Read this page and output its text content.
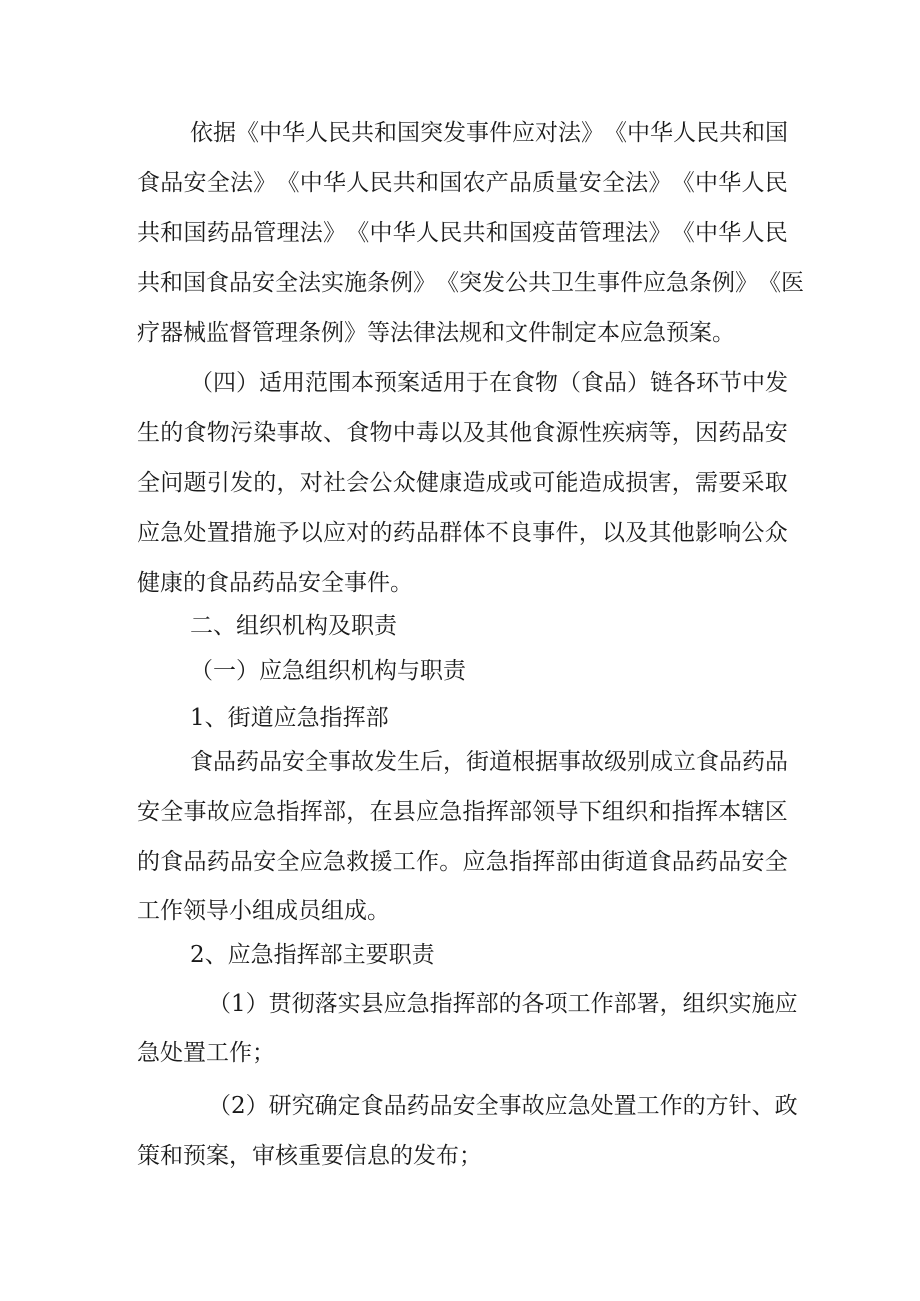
依 据 《 中 华 人 民 共 和 国 突 发 事 件 应 对 法 》 《 中 华 人 民 共 和 国
食 品 安 全 法 》 《 中 华 人 民 共 和 国 农 产 品 质 量 安 全 法 》 《 中 华 人 民
共 和 国 药 品 管 理 法 》 《 中 华 人 民 共 和 国 疫 苗 管 理 法 》 《 中 华 人 民
共 和 国 食 品 安 全 法 实 施 条 例 》 《 突 发 公 共 卫 生 事 件 应 急 条 例 》 《 医
疗器械监督管理条例》等法律法规和文件制定本应急预案。
（ 四 ） 适 用 范 围 本 预 案 适 用 于 在 食 物 （ 食 品 ） 链 各 环 节 中 发
生 的 食 物 污 染 事 故 、 食 物 中 毒 以 及 其 他 食 源 性 疾 病 等 ， 因 药 品 安
全 问 题 引 发 的 ， 对 社 会 公 众 健 康 造 成 或 可 能 造 成 损 害 ， 需 要 采 取
应 急 处 置 措 施 予 以 应 对 的 药 品 群 体 不 良 事 件 ， 以 及 其 他 影 响 公 众
健康的食品药品安全事件。
二、组织机构及职责
（一）应急组织机构与职责
1、街道应急指挥部
食 品 药 品 安 全 事 故 发 生 后 ， 街 道 根 据 事 故 级 别 成 立 食 品 药 品
安 全 事 故 应 急 指 挥 部 ， 在 县 应 急 指 挥 部 领 导 下 组 织 和 指 挥 本 辖 区
的 食 品 药 品 安 全 应 急 救 援 工 作 。 应 急 指 挥 部 由 街 道 食 品 药 品 安 全
工作领导小组成员组成。
2、应急指挥部主要职责
（ 1 ） 贯 彻 落 实 县 应 急 指 挥 部 的 各 项 工 作 部 署 ， 组 织 实 施 应
急处置工作；
（ 2 ） 研 究 确 定 食 品 药 品 安 全 事 故 应 急 处 置 工 作 的 方 针 、 政
策和预案，审核重要信息的发布；
